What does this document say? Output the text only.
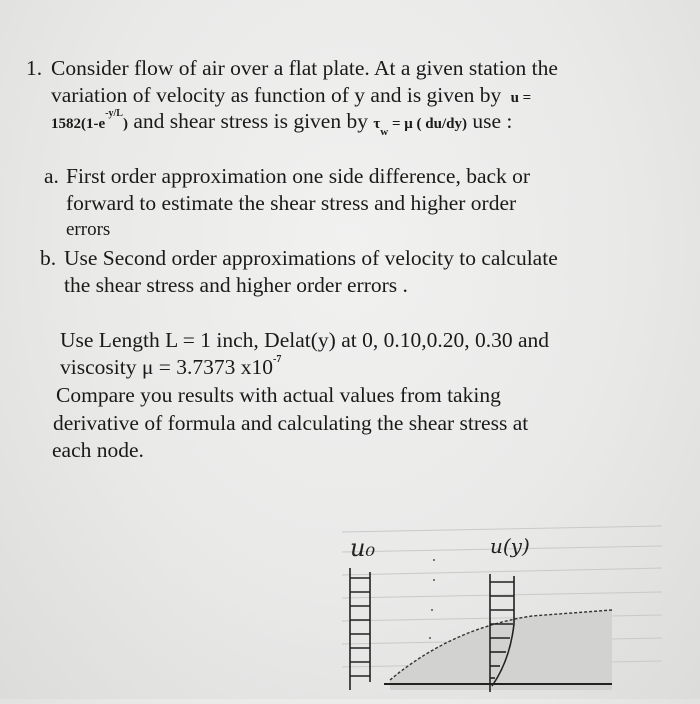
1. Consider flow of air over a flat plate. At a given station the
variation of velocity as function of y and is given by u =
$1582(1-e^{-y/L})$ and shear stress is given by $\tau_w = \mu$ ( du/dy) use :
a. First order approximation one side difference, back or
forward to estimate the shear stress and higher order
errors
b. Use Second order approximations of velocity to calculate
the shear stress and higher order errors .
Use Length L = 1 inch, Delat(y) at 0, 0.10,0.20, 0.30 and
viscosity μ = 3.7373 $x10^{-7}$
Compare you results with actual values from taking
derivative of formula and calculating the shear stress at
each node.
u₀	u(y)
